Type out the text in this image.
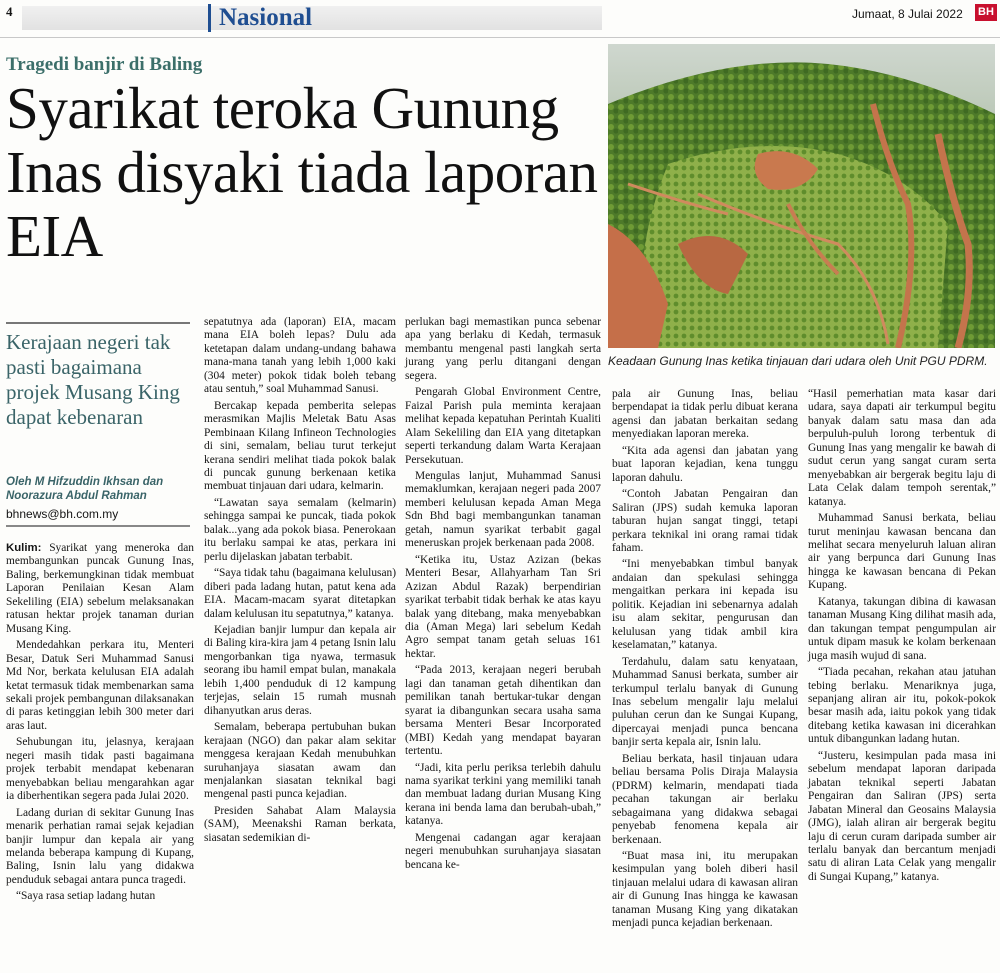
4	Nasional	Jumaat, 8 Julai 2022 BH
Tragedi banjir di Baling
Syarikat teroka Gunung Inas disyaki tiada laporan EIA
Keadaan Gunung Inas ketika tinjauan dari udara oleh Unit PGU PDRM.
Kerajaan negeri tak pasti bagaimana projek Musang King dapat kebenaran
Oleh M Hifzuddin Ikhsan dan Noorazura Abdul Rahman
bhnews@bh.com.my

Kulim: Syarikat yang meneroka dan membangunkan puncak Gunung Inas, Baling, berkemungkinan tidak membuat Laporan Penilaian Kesan Alam Sekeliling (EIA) sebelum melaksanakan ratusan hektar projek tanaman durian Musang King.

Mendedahkan perkara itu, Menteri Besar, Datuk Seri Muhammad Sanusi Md Nor, berkata kelulusan EIA adalah ketat termasuk tidak membenarkan sama sekali projek pembangunan dilaksanakan di paras ketinggian lebih 300 meter dari aras laut.

Sehubungan itu, jelasnya, kerajaan negeri masih tidak pasti bagaimana projek terbabit mendapat kebenaran menyebabkan beliau mengarahkan agar ia diberhentikan segera pada Julai 2020.

Ladang durian di sekitar Gunung Inas menarik perhatian ramai sejak kejadian banjir lumpur dan kepala air yang melanda beberapa kampung di Kupang, Baling, Isnin lalu yang didakwa penduduk sebagai antara punca tragedi.

“Saya rasa setiap ladang hutan

sepatutnya ada (laporan) EIA, macam mana EIA boleh lepas? Dulu ada ketetapan dalam undang-undang bahawa mana-mana tanah yang lebih 1,000 kaki (304 meter) pokok tidak boleh tebang atau sentuh,” soal Muhammad Sanusi.

Bercakap kepada pemberita selepas merasmikan Majlis Meletak Batu Asas Pembinaan Kilang Infineon Technologies di sini, semalam, beliau turut terkejut kerana sendiri melihat tiada pokok balak di puncak gunung berkenaan ketika membuat tinjauan dari udara, kelmarin.

“Lawatan saya semalam (kelmarin) sehingga sampai ke puncak, tiada pokok balak...yang ada pokok biasa. Penerokaan itu berlaku sampai ke atas, perkara ini perlu dijelaskan jabatan terbabit.

“Saya tidak tahu (bagaimana kelulusan) diberi pada ladang hutan, patut kena ada EIA. Macam-macam syarat ditetapkan dalam kelulusan itu sepatutnya,” katanya.

Kejadian banjir lumpur dan kepala air di Baling kira-kira jam 4 petang Isnin lalu mengorbankan tiga nyawa, termasuk seorang ibu hamil empat bulan, manakala lebih 1,400 penduduk di 12 kampung terjejas, selain 15 rumah musnah dihanyutkan arus deras.

Semalam, beberapa pertubuhan bukan kerajaan (NGO) dan pakar alam sekitar menggesa kerajaan Kedah menubuhkan suruhanjaya siasatan awam dan menjalankan siasatan teknikal bagi mengenal pasti punca kejadian.

Presiden Sahabat Alam Malaysia (SAM), Meenakshi Raman berkata, siasatan sedemikian di-

perlukan bagi memastikan punca sebenar apa yang berlaku di Kedah, termasuk membantu mengenal pasti langkah serta jurang yang perlu ditangani dengan segera.

Pengarah Global Environment Centre, Faizal Parish pula meminta kerajaan melihat kepada kepatuhan Perintah Kualiti Alam Sekeliling dan EIA yang ditetapkan seperti terkandung dalam Warta Kerajaan Persekutuan.

Mengulas lanjut, Muhammad Sanusi memaklumkan, kerajaan negeri pada 2007 memberi kelulusan kepada Aman Mega Sdn Bhd bagi membangunkan tanaman getah, namun syarikat terbabit gagal meneruskan projek berkenaan pada 2008.

“Ketika itu, Ustaz Azizan (bekas Menteri Besar, Allahyarham Tan Sri Azizan Abdul Razak) berpendirian syarikat terbabit tidak berhak ke atas kayu balak yang ditebang, maka menyebabkan dia (Aman Mega) lari sebelum Kedah Agro sempat tanam getah seluas 161 hektar.

“Pada 2013, kerajaan negeri berubah lagi dan tanaman getah dihentikan dan pemilikan tanah bertukar-tukar dengan syarat ia dibangunkan secara usaha sama bersama Menteri Besar Incorporated (MBI) Kedah yang mendapat bayaran tertentu.

“Jadi, kita perlu periksa terlebih dahulu nama syarikat terkini yang memiliki tanah dan membuat ladang durian Musang King kerana ini benda lama dan berubah-ubah,” katanya.

Mengenai cadangan agar kerajaan negeri menubuhkan suruhanjaya siasatan bencana ke-

pala air Gunung Inas, beliau berpendapat ia tidak perlu dibuat kerana agensi dan jabatan berkaitan sedang menyediakan laporan mereka.

“Kita ada agensi dan jabatan yang buat laporan kejadian, kena tunggu laporan dahulu.

“Contoh Jabatan Pengairan dan Saliran (JPS) sudah kemuka laporan taburan hujan sangat tinggi, tetapi perkara teknikal ini orang ramai tidak faham.

“Ini menyebabkan timbul banyak andaian dan spekulasi sehingga mengaitkan perkara ini kepada isu politik. Kejadian ini sebenarnya adalah isu alam sekitar, pengurusan dan kelulusan yang tidak ambil kira keselamatan,” katanya.

Terdahulu, dalam satu kenyataan, Muhammad Sanusi berkata, sumber air terkumpul terlalu banyak di Gunung Inas sebelum mengalir laju melalui puluhan cerun dan ke Sungai Kupang, dipercayai menjadi punca bencana banjir serta kepala air, Isnin lalu.

Beliau berkata, hasil tinjauan udara beliau bersama Polis Diraja Malaysia (PDRM) kelmarin, mendapati tiada pecahan takungan air berlaku sebagaimana yang didakwa sebagai penyebab fenomena kepala air berkenaan.

“Buat masa ini, itu merupakan kesimpulan yang boleh diberi hasil tinjauan melalui udara di kawasan aliran air di Gunung Inas hingga ke kawasan tanaman Musang King yang dikatakan menjadi punca kejadian berkenaan.

“Hasil pemerhatian mata kasar dari udara, saya dapati air terkumpul begitu banyak dalam satu masa dan ada berpuluh-puluh lorong terbentuk di Gunung Inas yang mengalir ke bawah di sudut cerun yang sangat curam serta menyebabkan air bergerak begitu laju di Lata Celak dalam tempoh serentak,” katanya.

Muhammad Sanusi berkata, beliau turut meninjau kawasan bencana dan melihat secara menyeluruh laluan aliran air yang berpunca dari Gunung Inas hingga ke kawasan bencana di Pekan Kupang.

Katanya, takungan dibina di kawasan tanaman Musang King dilihat masih ada, dan takungan tempat pengumpulan air untuk dipam masuk ke kolam berkenaan juga masih wujud di sana.

“Tiada pecahan, rekahan atau jatuhan tebing berlaku. Menariknya juga, sepanjang aliran air itu, pokok-pokok besar masih ada, iaitu pokok yang tidak ditebang ketika kawasan ini dicerahkan untuk dibangunkan ladang hutan.

“Justeru, kesimpulan pada masa ini sebelum mendapat laporan daripada jabatan teknikal seperti Jabatan Pengairan dan Saliran (JPS) serta Jabatan Mineral dan Geosains Malaysia (JMG), ialah aliran air bergerak begitu laju di cerun curam daripada sumber air terlalu banyak dan bercantum menjadi satu di aliran Lata Celak yang mengalir di Sungai Kupang,” katanya.
